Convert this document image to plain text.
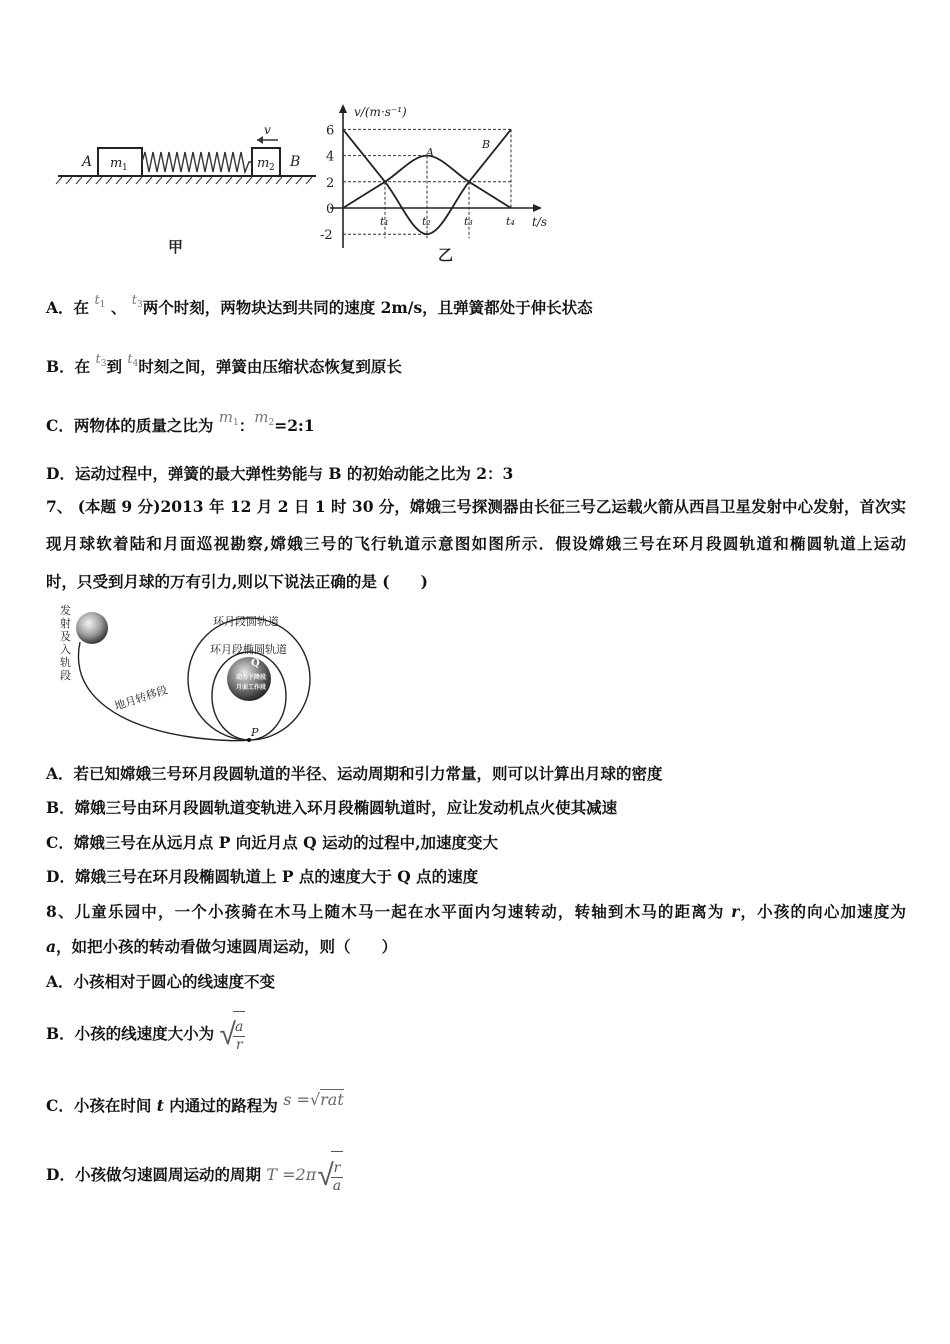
v
A m 1	m 2 B
甲
v/(m·s⁻¹)
t/s
6
4
2
0
-2
t₁	t₂	t₃	t₄
A
B
乙
A．在 $^{t_1}$ 、 $^{t_3}$两个时刻，两物块达到共同的速度 2m/s，且弹簧都处于伸长状态
B．在 $^{t_3}$到 $^{t_4}$时刻之间，弹簧由压缩状态恢复到原长
C．两物体的质量之比为 $m_1$：$m_2=2:1$
D．运动过程中，弹簧的最大弹性势能与 B 的初始动能之比为 2：3
7、 (本题 9 分)2013 年 12 月 2 日 1 时 30 分，嫦娥三号探测器由长征三号乙运载火箭从西昌卫星发射中心发射，首次实
现月球软着陆和月面巡视勘察,嫦娥三号的飞行轨道示意图如图所示．假设嫦娥三号在环月段圆轨道和椭圆轨道上运动
时，只受到月球的万有引力,则以下说法正确的是 (　　)
发
射
及
入
轨
段
地月转移段
环月段圆轨道
环月段椭圆轨道
Q
动力下降段
月面工作段
P
A．若已知嫦娥三号环月段圆轨道的半径、运动周期和引力常量，则可以计算出月球的密度
B．嫦娥三号由环月段圆轨道变轨进入环月段椭圆轨道时，应让发动机点火使其减速
C．嫦娥三号在从远月点 P 向近月点 Q 运动的过程中,加速度变大
D．嫦娥三号在环月段椭圆轨道上 P 点的速度大于 Q 点的速度
8、儿童乐园中，一个小孩骑在木马上随木马一起在水平面内匀速转动，转轴到木马的距离为 r，小孩的向心加速度为
a，如把小孩的转动看做匀速圆周运动，则（　　）
A．小孩相对于圆心的线速度不变
B．小孩的线速度大小为 √
$\frac{a}{r}$
C．小孩在时间 t 内通过的路程为 s =√rat
D．小孩做匀速圆周运动的周期 T =2π √
$\frac{r}{a}$
